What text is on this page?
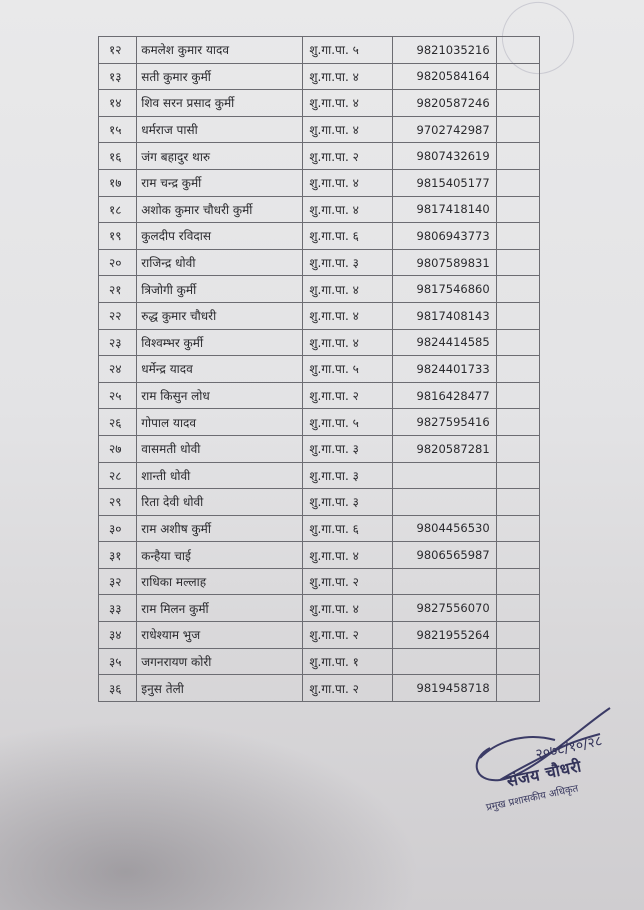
१२	कमलेश कुमार यादव	शु.गा.पा. ५	9821035216	
१३	सती कुमार कुर्मी	शु.गा.पा. ४	9820584164	
१४	शिव सरन प्रसाद कुर्मी	शु.गा.पा. ४	9820587246	
१५	धर्मराज पासी	शु.गा.पा. ४	9702742987	
१६	जंग बहादुर थारु	शु.गा.पा. २	9807432619	
१७	राम चन्द्र कुर्मी	शु.गा.पा. ४	9815405177	
१८	अशोक कुमार चौधरी कुर्मी	शु.गा.पा. ४	9817418140	
१९	कुलदीप रविदास	शु.गा.पा. ६	9806943773	
२०	राजिन्द्र धोवी	शु.गा.पा. ३	9807589831	
२१	त्रिजोगी कुर्मी	शु.गा.पा. ४	9817546860	
२२	रुद्ध कुमार चौधरी	शु.गा.पा. ४	9817408143	
२३	विश्वम्भर कुर्मी	शु.गा.पा. ४	9824414585	
२४	धर्मेन्द्र यादव	शु.गा.पा. ५	9824401733	
२५	राम किसुन लोध	शु.गा.पा. २	9816428477	
२६	गोपाल यादव	शु.गा.पा. ५	9827595416	
२७	वासमती धोवी	शु.गा.पा. ३	9820587281	
२८	शान्ती धोवी	शु.गा.पा. ३		
२९	रिता देवी धोवी	शु.गा.पा. ३		
३०	राम अशीष कुर्मी	शु.गा.पा. ६	9804456530	
३१	कन्हैया चाई	शु.गा.पा. ४	9806565987	
३२	राधिका मल्लाह	शु.गा.पा. २		
३३	राम मिलन कुर्मी	शु.गा.पा. ४	9827556070	
३४	राधेश्याम भुज	शु.गा.पा. २	9821955264	
३५	जगनरायण कोरी	शु.गा.पा. १		
३६	इनुस तेली	शु.गा.पा. २	9819458718	
२०७८/१०/२८
संजय चौधरी
प्रमुख प्रशासकीय अधिकृत
